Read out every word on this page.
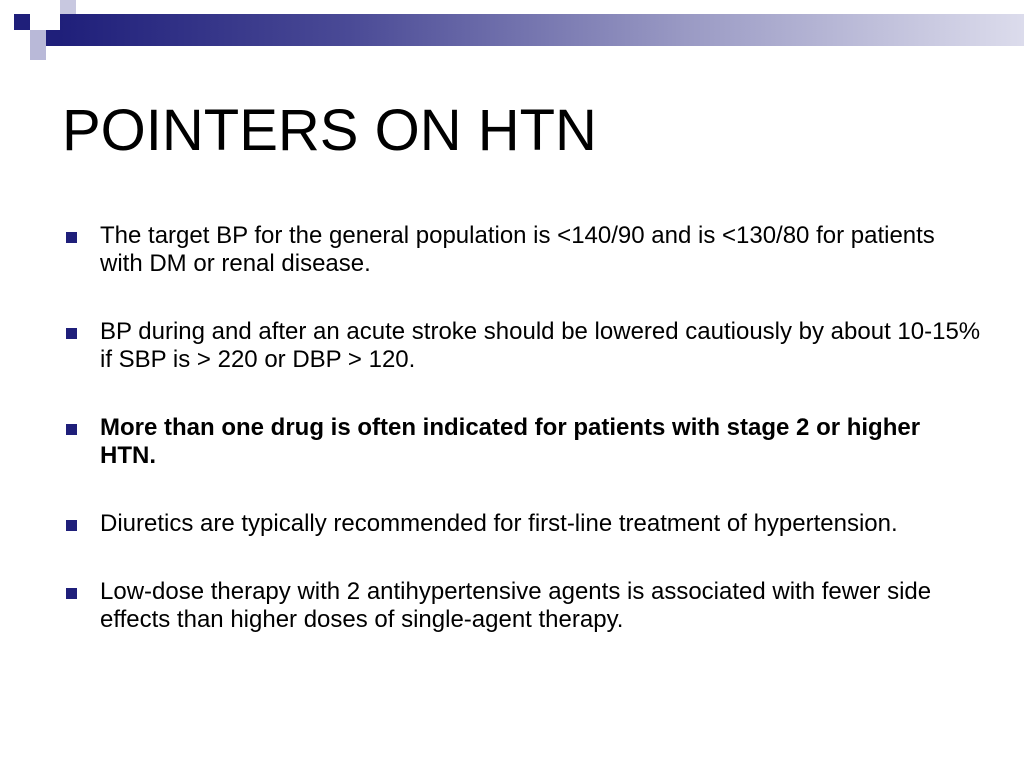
POINTERS ON HTN
The target BP for the general population is <140/90 and is <130/80 for patients with DM or renal disease.
BP during and after an acute stroke should be lowered cautiously by about 10-15% if SBP is > 220 or DBP > 120.
More than one drug is often indicated for patients with stage 2 or higher HTN.
Diuretics are typically recommended for first-line treatment of hypertension.
Low-dose therapy with 2 antihypertensive agents is associated with fewer side effects than higher doses of single-agent therapy.
